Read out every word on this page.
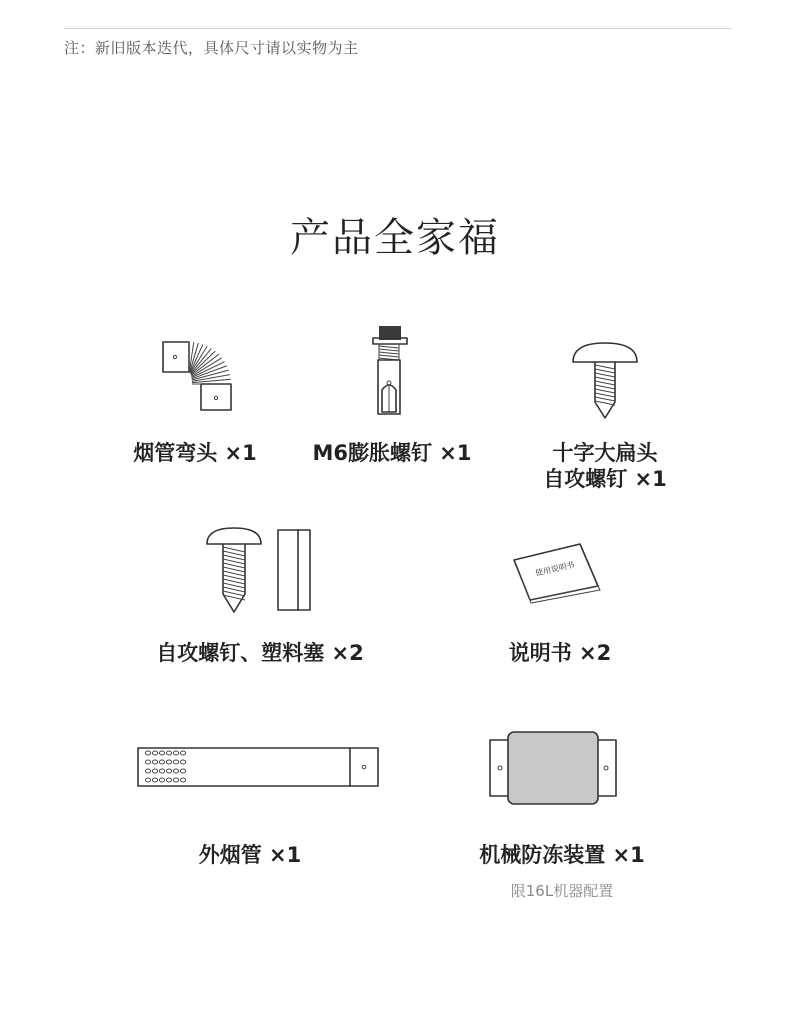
注：新旧版本迭代，具体尺寸请以实物为主
产品全家福
烟管弯头 ×1	M6膨胀螺钉 ×1	十字大扁头
自攻螺钉 ×1
自攻螺钉、塑料塞 ×2
使用说明书
说明书 ×2
外烟管 ×1	机械防冻装置 ×1
限16L机器配置
